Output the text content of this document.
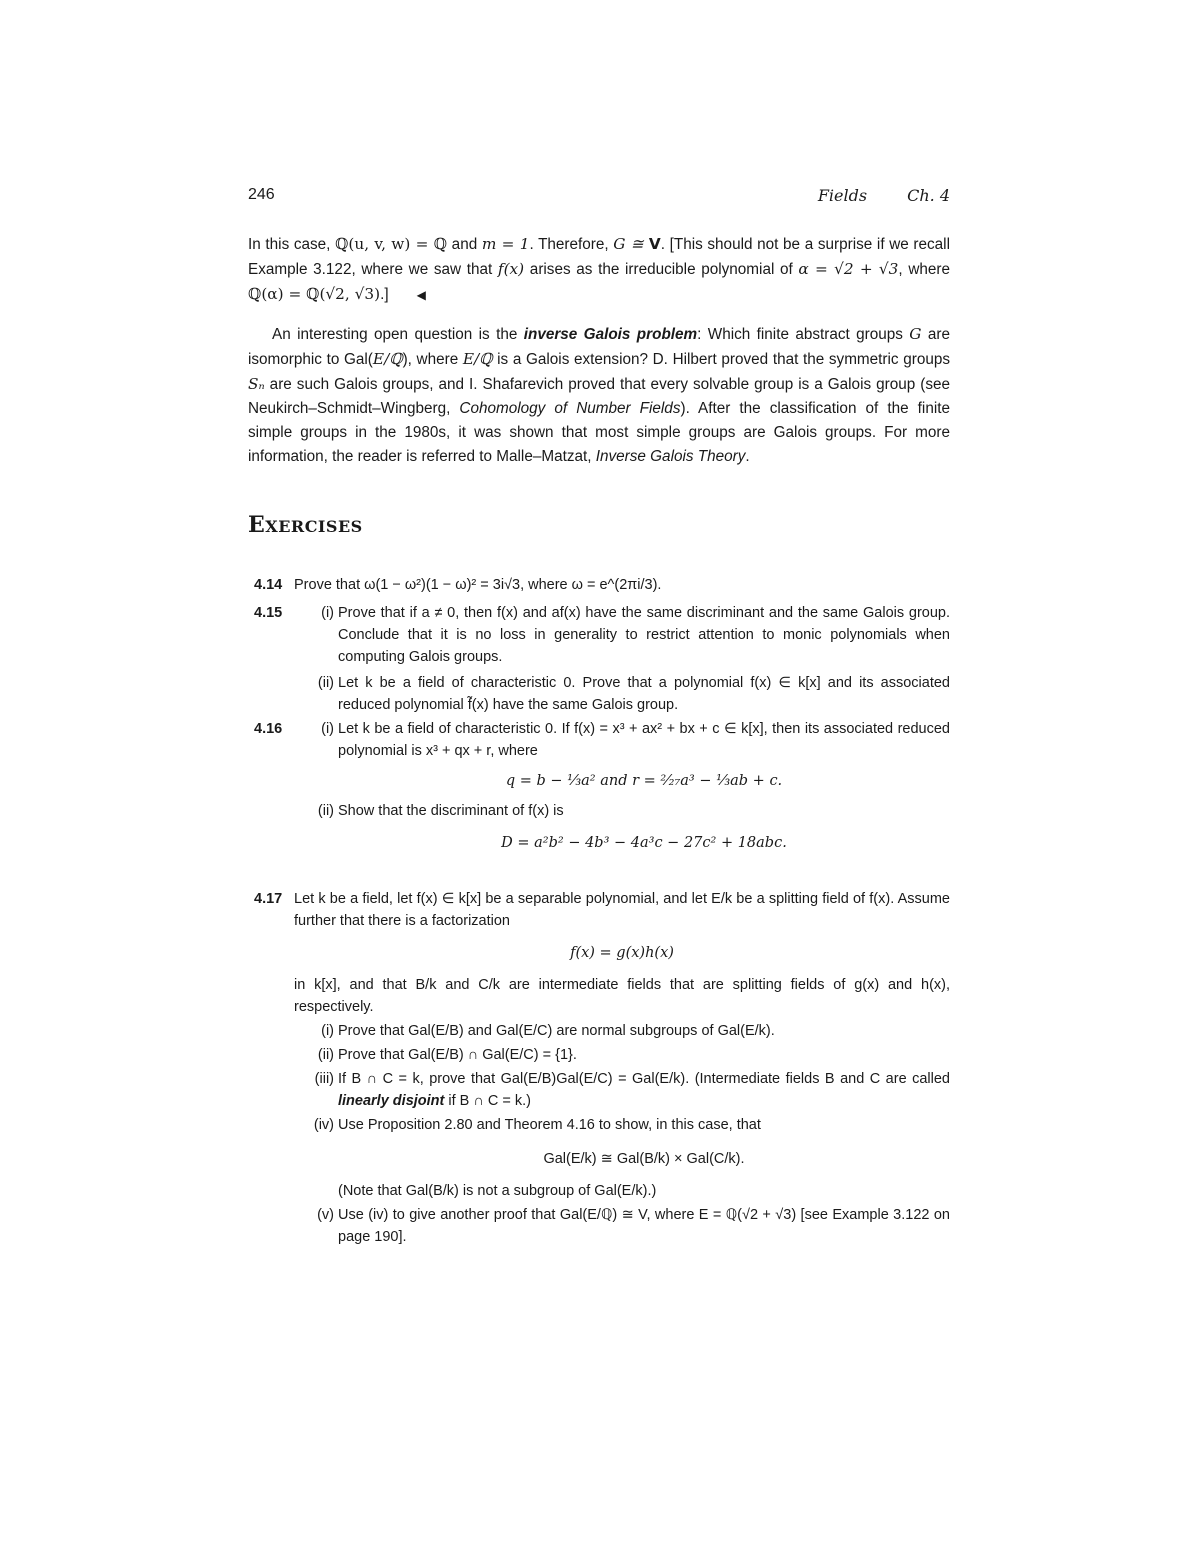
246	Fields	Ch. 4

In this case, ℚ(u, v, w) = ℚ and m = 1. Therefore, G ≅ V. [This should not be a surprise if we recall Example 3.122, where we saw that f(x) arises as the irreducible polynomial of α = √2 + √3, where ℚ(α) = ℚ(√2, √3).] ◀

An interesting open question is the inverse Galois problem: Which finite abstract groups G are isomorphic to Gal(E/ℚ), where E/ℚ is a Galois extension? D. Hilbert proved that the symmetric groups Sₙ are such Galois groups, and I. Shafarevich proved that every solvable group is a Galois group (see Neukirch–Schmidt–Wingberg, Cohomology of Number Fields). After the classification of the finite simple groups in the 1980s, it was shown that most simple groups are Galois groups. For more information, the reader is referred to Malle–Matzat, Inverse Galois Theory.

EXERCISES
4.14 Prove that ω(1 − ω²)(1 − ω)² = 3i√3, where ω = e^(2πi/3).
4.15	(i) Prove that if a ≠ 0, then f(x) and af(x) have the same discriminant and the same Galois group. Conclude that it is no loss in generality to restrict attention to monic polynomials when computing Galois groups.
(ii) Let k be a field of characteristic 0. Prove that a polynomial f(x) ∈ k[x] and its associated reduced polynomial f̃(x) have the same Galois group.
4.16	(i) Let k be a field of characteristic 0. If f(x) = x³ + ax² + bx + c ∈ k[x], then its associated reduced polynomial is x³ + qx + r, where
q = b − ⅓a² and r = ²⁄₂₇a³ − ⅓ab + c.
(ii) Show that the discriminant of f(x) is
D = a²b² − 4b³ − 4a³c − 27c² + 18abc.
4.17 Let k be a field, let f(x) ∈ k[x] be a separable polynomial, and let E/k be a splitting field of f(x). Assume further that there is a factorization
f(x) = g(x)h(x)
in k[x], and that B/k and C/k are intermediate fields that are splitting fields of g(x) and h(x), respectively.
(i) Prove that Gal(E/B) and Gal(E/C) are normal subgroups of Gal(E/k).
(ii) Prove that Gal(E/B) ∩ Gal(E/C) = {1}.
(iii) If B ∩ C = k, prove that Gal(E/B)Gal(E/C) = Gal(E/k). (Intermediate fields B and C are called linearly disjoint if B ∩ C = k.)
(iv) Use Proposition 2.80 and Theorem 4.16 to show, in this case, that
Gal(E/k) ≅ Gal(B/k) × Gal(C/k).
(Note that Gal(B/k) is not a subgroup of Gal(E/k).)
(v) Use (iv) to give another proof that Gal(E/ℚ) ≅ V, where E = ℚ(√2 + √3) [see Example 3.122 on page 190].
